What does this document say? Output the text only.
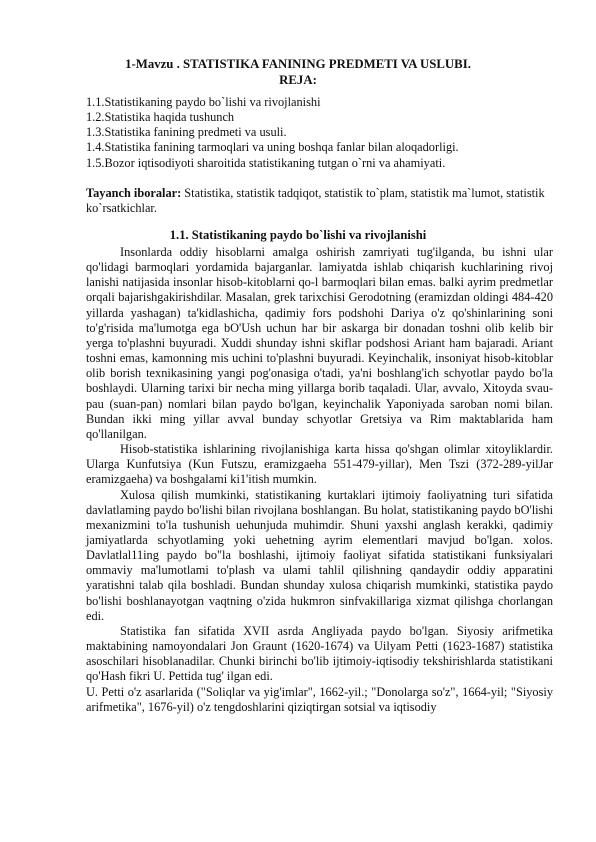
1-Mavzu . STATISTIKA FANINING PREDMETI VA USLUBI.
REJA:
1.1.Statistikaning paydo bo`lishi va rivojlanishi
1.2.Statistika haqida tushunch
1.3.Statistika fanining predmeti va usuli.
1.4.Statistika fanining tarmoqlari va uning boshqa fanlar bilan aloqadorligi.
1.5.Bozor iqtisodiyoti sharoitida statistikaning tutgan o`rni va ahamiyati.
Tayanch iboralar: Statistika, statistik tadqiqot, statistik to`plam, statistik ma`lumot, statistik ko`rsatkichlar.
1.1. Statistikaning paydo bo`lishi va rivojlanishi

Insonlarda oddiy hisoblarni amalga oshirish zamriyati tug'ilganda, bu ishni ular qo'lidagi barmoqlari yordamida bajarganlar. lamiyatda ishlab chiqarish kuchlarining rivoj lanishi natijasida insonlar hisob-kitoblarni qo-l barmoqlari bilan emas. balki ayrim predmetlar orqali bajarishgakirishdilar. Masalan, grek tarixchisi Gerodotning (eramizdan oldingi 484-420 yillarda yashagan) ta'kidlashicha, qadimiy fors podshohi Dariya o'z qo'shinlarining soni to'g'risida ma'lumotga ega bO'Ush uchun har bir askarga bir donadan toshni olib kelib bir yerga to'plashni buyuradi. Xuddi shunday ishni skiflar podshosi Ariant ham bajaradi. Ariant toshni emas, kamonning mis uchini to'plashni buyuradi. Keyinchalik, insoniyat hisob-kitoblar olib borish texnikasining yangi pog'onasiga o'tadi, ya'ni boshlang'ich schyotlar paydo bo'la boshlaydi. Ularning tarixi bir necha ming yillarga borib taqaladi. Ular, avvalo, Xitoyda svau-pau (suan-pan) nomlari bilan paydo bo'lgan, keyinchalik Yaponiyada saroban nomi bilan. Bundan ikki ming yillar avval bunday schyotlar Gretsiya va Rim maktablarida ham qo'llanilgan.

Hisob-statistika ishlarining rivojlanishiga karta hissa qo'shgan olimlar xitoyliklardir. Ularga Kunfutsiya (Kun Futszu, eramizgaeha 551-479-yillar), Men Tszi (372-289-yilJar eramizgaeha) va boshgalami ki1'itish mumkin.

Xulosa qilish mumkinki, statistikaning kurtaklari ijtimoiy faoliyatning turi sifatida davlatlaming paydo bo'lishi bilan rivojlana boshlangan. Bu holat, statistikaning paydo bO'lishi mexanizmini to'la tushunish uehunjuda muhimdir. Shuni yaxshi anglash kerakki, qadimiy jamiyatlarda schyotlaming yoki uehetning ayrim elementlari mavjud bo'lgan. xolos. Davlatlal11ing paydo bo"la boshlashi, ijtimoiy faoliyat sifatida statistikani funksiyalari ommaviy ma'lumotlami to'plash va ulami tahlil qilishning qandaydir oddiy apparatini yaratishni talab qila boshladi. Bundan shunday xulosa chiqarish mumkinki, statistika paydo bo'lishi boshlanayotgan vaqtning o'zida hukmron sinfvakillariga xizmat qilishga chorlangan edi.

Statistika fan sifatida XVII asrda Angliyada paydo bo'lgan. Siyosiy arifmetika maktabining namoyondalari Jon Graunt (1620-1674) va Uilyam Petti (1623-1687) statistika asoschilari hisoblanadilar. Chunki birinchi bo'lib ijtimoiy-iqtisodiy tekshirishlarda statistikani qo'Hash fikri U. Pettida tug' ilgan edi.

U. Petti o'z asarlarida ("Soliqlar va yig'imlar", 1662-yil.; "Donolarga so'z", 1664-yil; "Siyosiy arifmetika", 1676-yil) o'z tengdoshlarini qiziqtirgan sotsial va iqtisodiy
